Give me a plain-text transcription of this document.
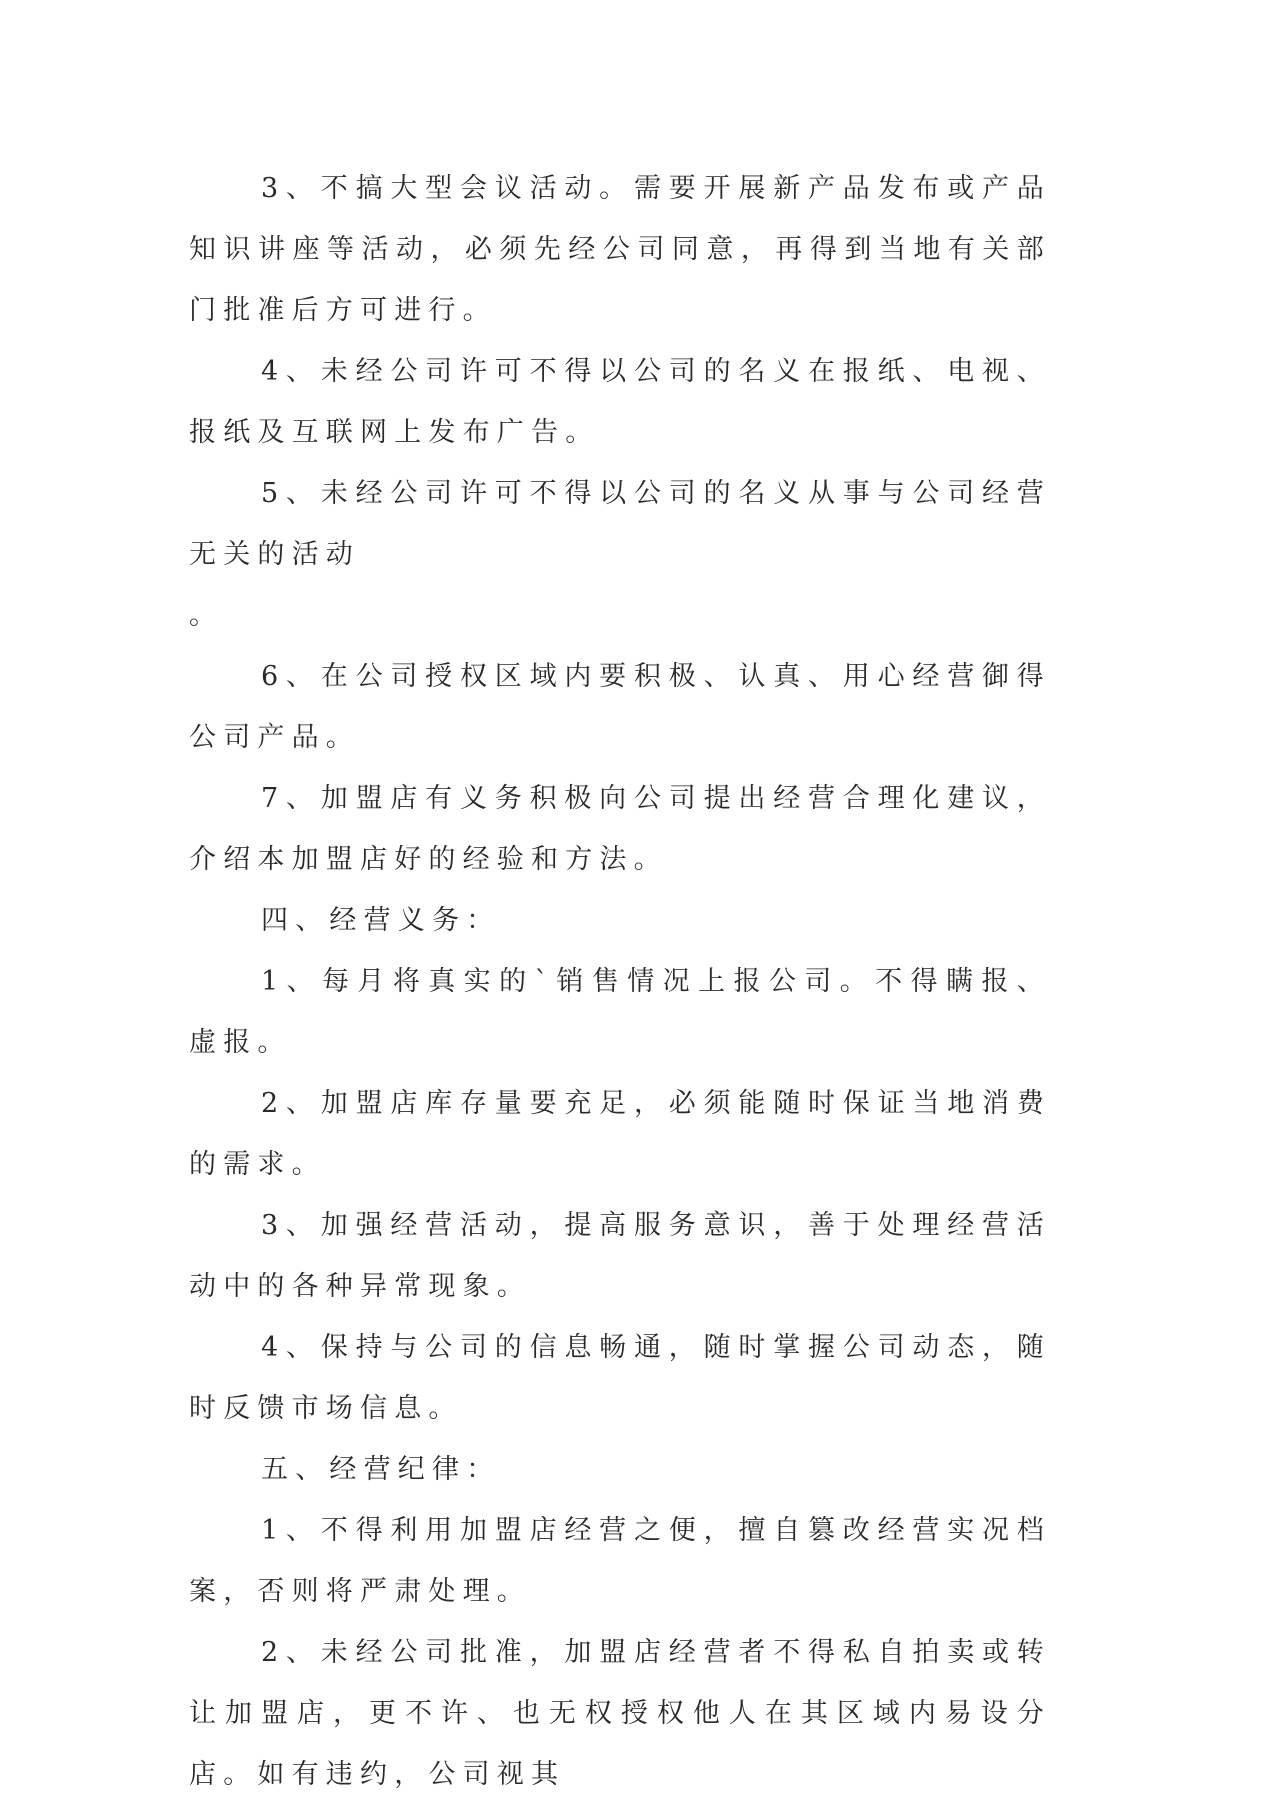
3、不搞大型会议活动。需要开展新产品发布或产品知识讲座等活动，必须先经公司同意，再得到当地有关部门批准后方可进行。

4、未经公司许可不得以公司的名义在报纸、电视、报纸及互联网上发布广告。

5、未经公司许可不得以公司的名义从事与公司经营无关的活动

。

6、在公司授权区域内要积极、认真、用心经营御得公司产品。

7、加盟店有义务积极向公司提出经营合理化建议，介绍本加盟店好的经验和方法。

四、经营义务：

1、每月将真实的`销售情况上报公司。不得瞒报、虚报。

2、加盟店库存量要充足，必须能随时保证当地消费的需求。

3、加强经营活动，提高服务意识，善于处理经营活动中的各种异常现象。

4、保持与公司的信息畅通，随时掌握公司动态，随时反馈市场信息。

五、经营纪律：

1、不得利用加盟店经营之便，擅自篡改经营实况档案，否则将严肃处理。

2、未经公司批准，加盟店经营者不得私自拍卖或转让加盟店，更不许、也无权授权他人在其区域内易设分店。如有违约，公司视其
